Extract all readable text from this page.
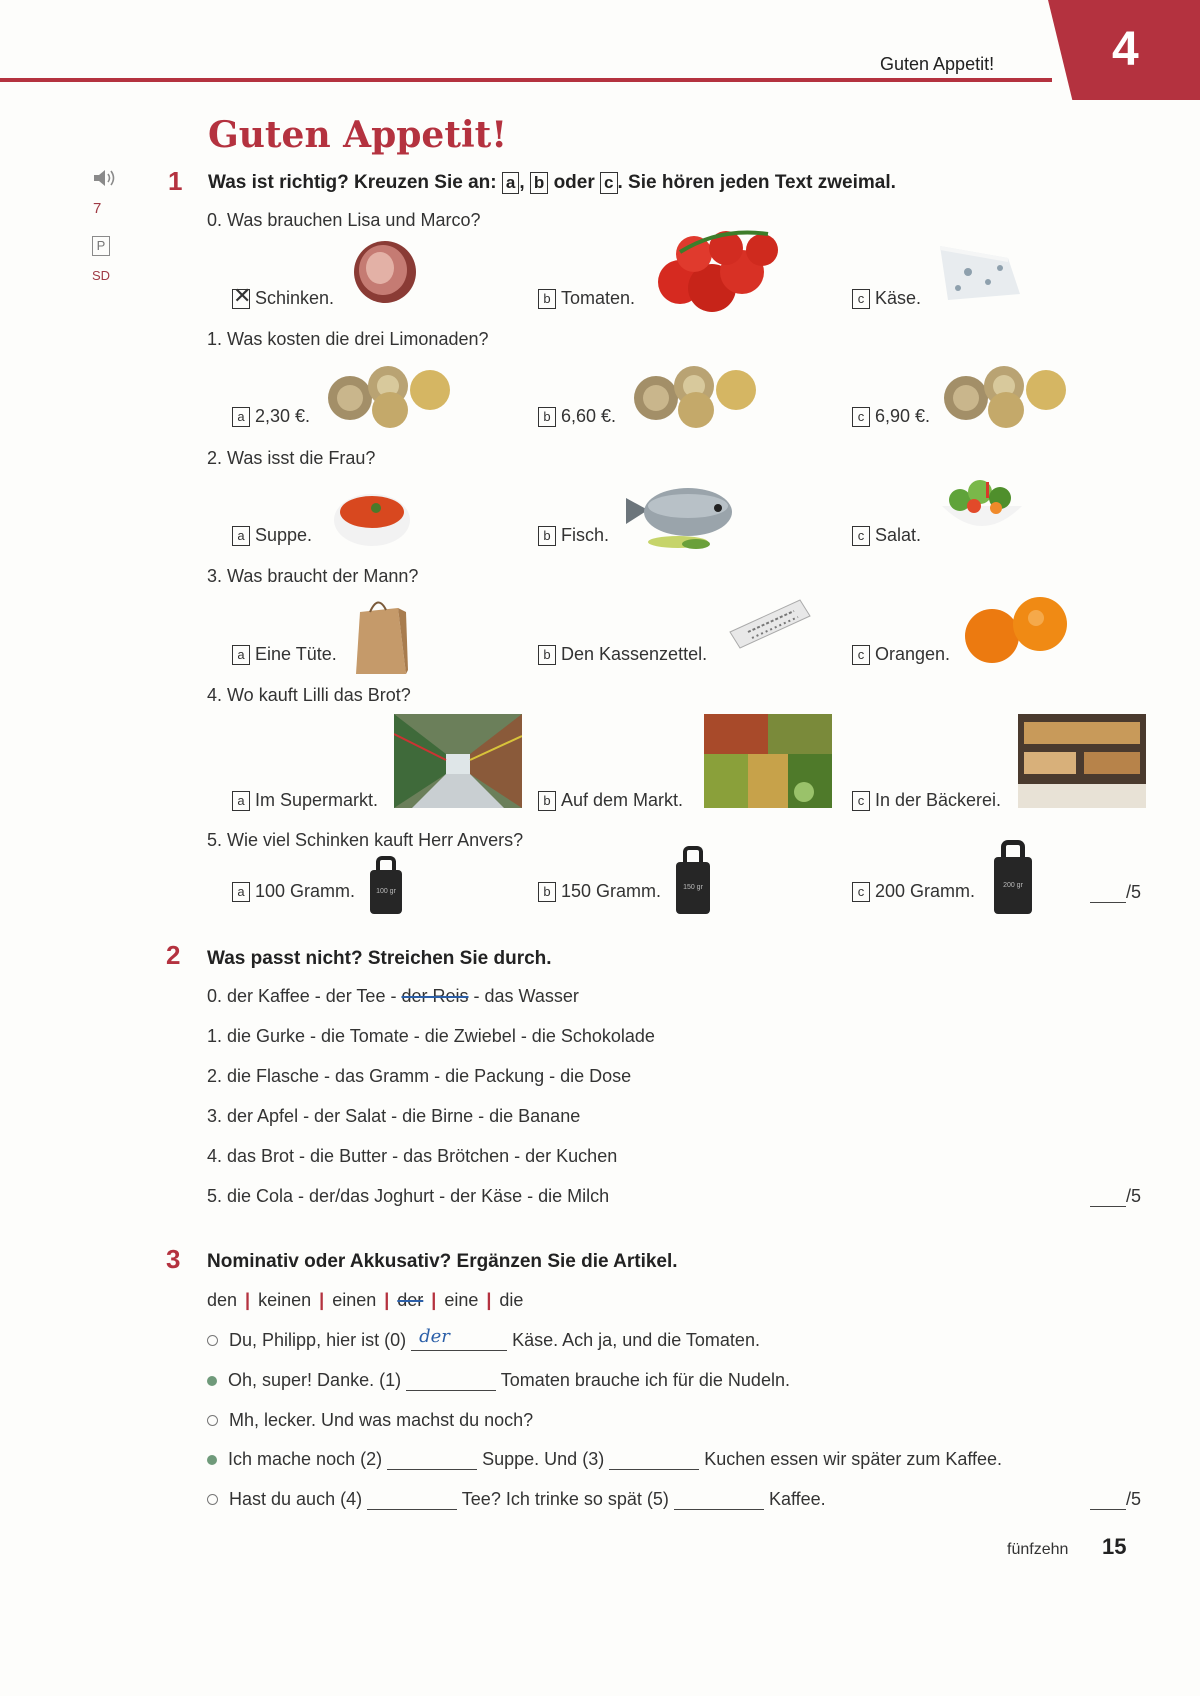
4
Guten Appetit!
Guten Appetit!
7
P
SD
1 Was ist richtig? Kreuzen Sie an: a , b oder c . Sie hören jeden Text zweimal.
0. Was brauchen Lisa und Marco?
✕
Schinken.	b Tomaten.	c Käse.
1. Was kosten die drei Limonaden?
a 2,30 €.	b 6,60 €.	c 6,90 €.
2. Was isst die Frau?
a Suppe.	b Fisch.	c Salat.
3. Was braucht der Mann?
a Eine Tüte.	b Den Kassenzettel.	c Orangen.
4. Wo kauft Lilli das Brot?
a Im Supermarkt.	b Auf dem Markt.	c In der Bäckerei.
5. Wie viel Schinken kauft Herr Anvers?
a 100 Gramm.	b 150 Gramm.	c 200 Gramm.
100 gr
150 gr	200 gr	/5
2 Was passt nicht? Streichen Sie durch.
0. der Kaffee - der Tee - der Reis - das Wasser
1. die Gurke - die Tomate - die Zwiebel - die Schokolade
2. die Flasche - das Gramm - die Packung - die Dose
3. der Apfel - der Salat - die Birne - die Banane
4. das Brot - die Butter - das Brötchen - der Kuchen
5. die Cola - der/das Joghurt - der Käse - die Milch	/5
3 Nominativ oder Akkusativ? Ergänzen Sie die Artikel.
den | keinen | einen | der | eine | die
Du, Philipp, hier ist (0) der	Käse. Ach ja, und die Tomaten.
Oh, super! Danke. (1)	Tomaten brauche ich für die Nudeln.
Mh, lecker. Und was machst du noch?
Ich mache noch (2)	Suppe. Und (3)	Kuchen essen wir später zum Kaffee.
Hast du auch (4)	Tee? Ich trinke so spät (5)	Kaffee.	/5
fünfzehn 15
